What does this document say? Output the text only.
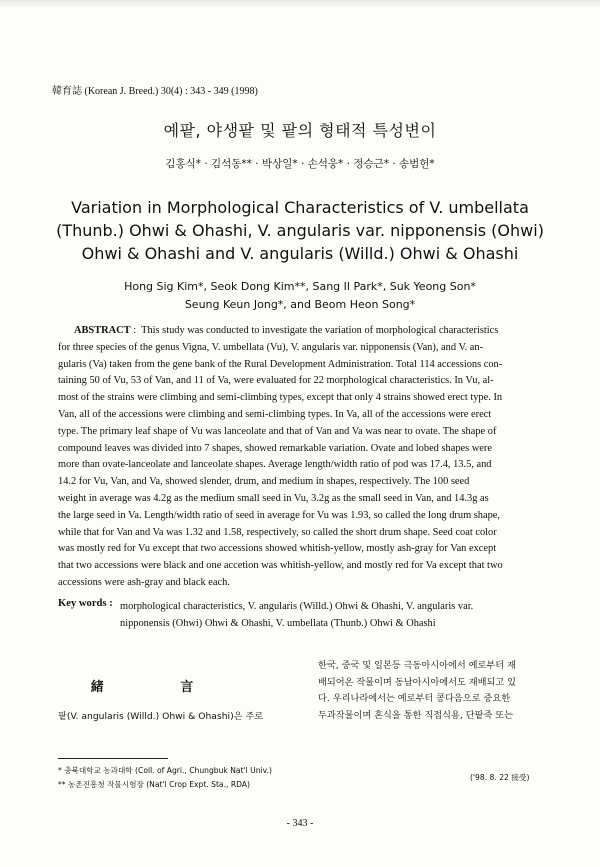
韓育誌 (Korean J. Breed.) 30(4) : 343 - 349 (1998)
예팥, 야생팥 및 팥의 형태적 특성변이
김홍식* · 김석동** · 박상일* · 손석웅* · 정승근* · 송범헌*
Variation in Morphological Characteristics of V. umbellata
(Thunb.) Ohwi & Ohashi, V. angularis var. nipponensis (Ohwi)
Ohwi & Ohashi and V. angularis (Willd.) Ohwi & Ohashi
Hong Sig Kim*, Seok Dong Kim**, Sang Il Park*, Suk Yeong Son*
Seung Keun Jong*, and Beom Heon Song*
ABSTRACT :  This study was conducted to investigate the variation of morphological characteristics
for three species of the genus Vigna, V. umbellata (Vu), V. angularis var. nipponensis (Van), and V. an-
gularis (Va) taken from the gene bank of the Rural Development Administration. Total 114 accessions con-
taining 50 of Vu, 53 of Van, and 11 of Va, were evaluated for 22 morphological characteristics. In Vu, al-
most of the strains were climbing and semi-climbing types, except that only 4 strains showed erect type. In
Van, all of the accessions were climbing and semi-climbing types. In Va, all of the accessions were erect
type. The primary leaf shape of Vu was lanceolate and that of Van and Va was near to ovate. The shape of
compound leaves was divided into 7 shapes, showed remarkable variation. Ovate and lobed shapes were
more than ovate-lanceolate and lanceolate shapes. Average length/width ratio of pod was 17.4, 13.5, and
14.2 for Vu, Van, and Va, showed slender, drum, and medium in shapes, respectively. The 100 seed
weight in average was 4.2g as the medium small seed in Vu, 3.2g as the small seed in Van, and 14.3g as
the large seed in Va. Length/width ratio of seed in average for Vu was 1.93, so called the long drum shape,
while that for Van and Va was 1.32 and 1.58, respectively, so called the short drum shape. Seed coat color
was mostly red for Vu except that two accessions showed whitish-yellow, mostly ash-gray for Van except
that two accessions were black and one accetion was whitish-yellow, and mostly red for Va except that two
accessions were ash-gray and black each.
Key words : morphological characteristics, V. angularis (Willd.) Ohwi & Ohashi, V. angularis var.
nipponensis (Ohwi) Ohwi & Ohashi, V. umbellata (Thunb.) Ohwi & Ohashi
緒 言
팥(V. angularis (Willd.) Ohwi & Ohashi)은 주로
한국, 중국 및 일본등 극동아시아에서 예로부터 재
배되어온 작물이며 동남아시아에서도 재배되고 있
다. 우리나라에서는 예로부터 콩다음으로 중요한
두과작물이며 혼식을 통한 직접식용, 단팥죽 또는
* 충북대학교 농과대학 (Coll. of Agri., Chungbuk Nat'l Univ.)
** 농촌진흥청 작물시험장 (Nat'l Crop Expt. Sta., RDA)
('98. 8. 22 接受)
- 343 -
